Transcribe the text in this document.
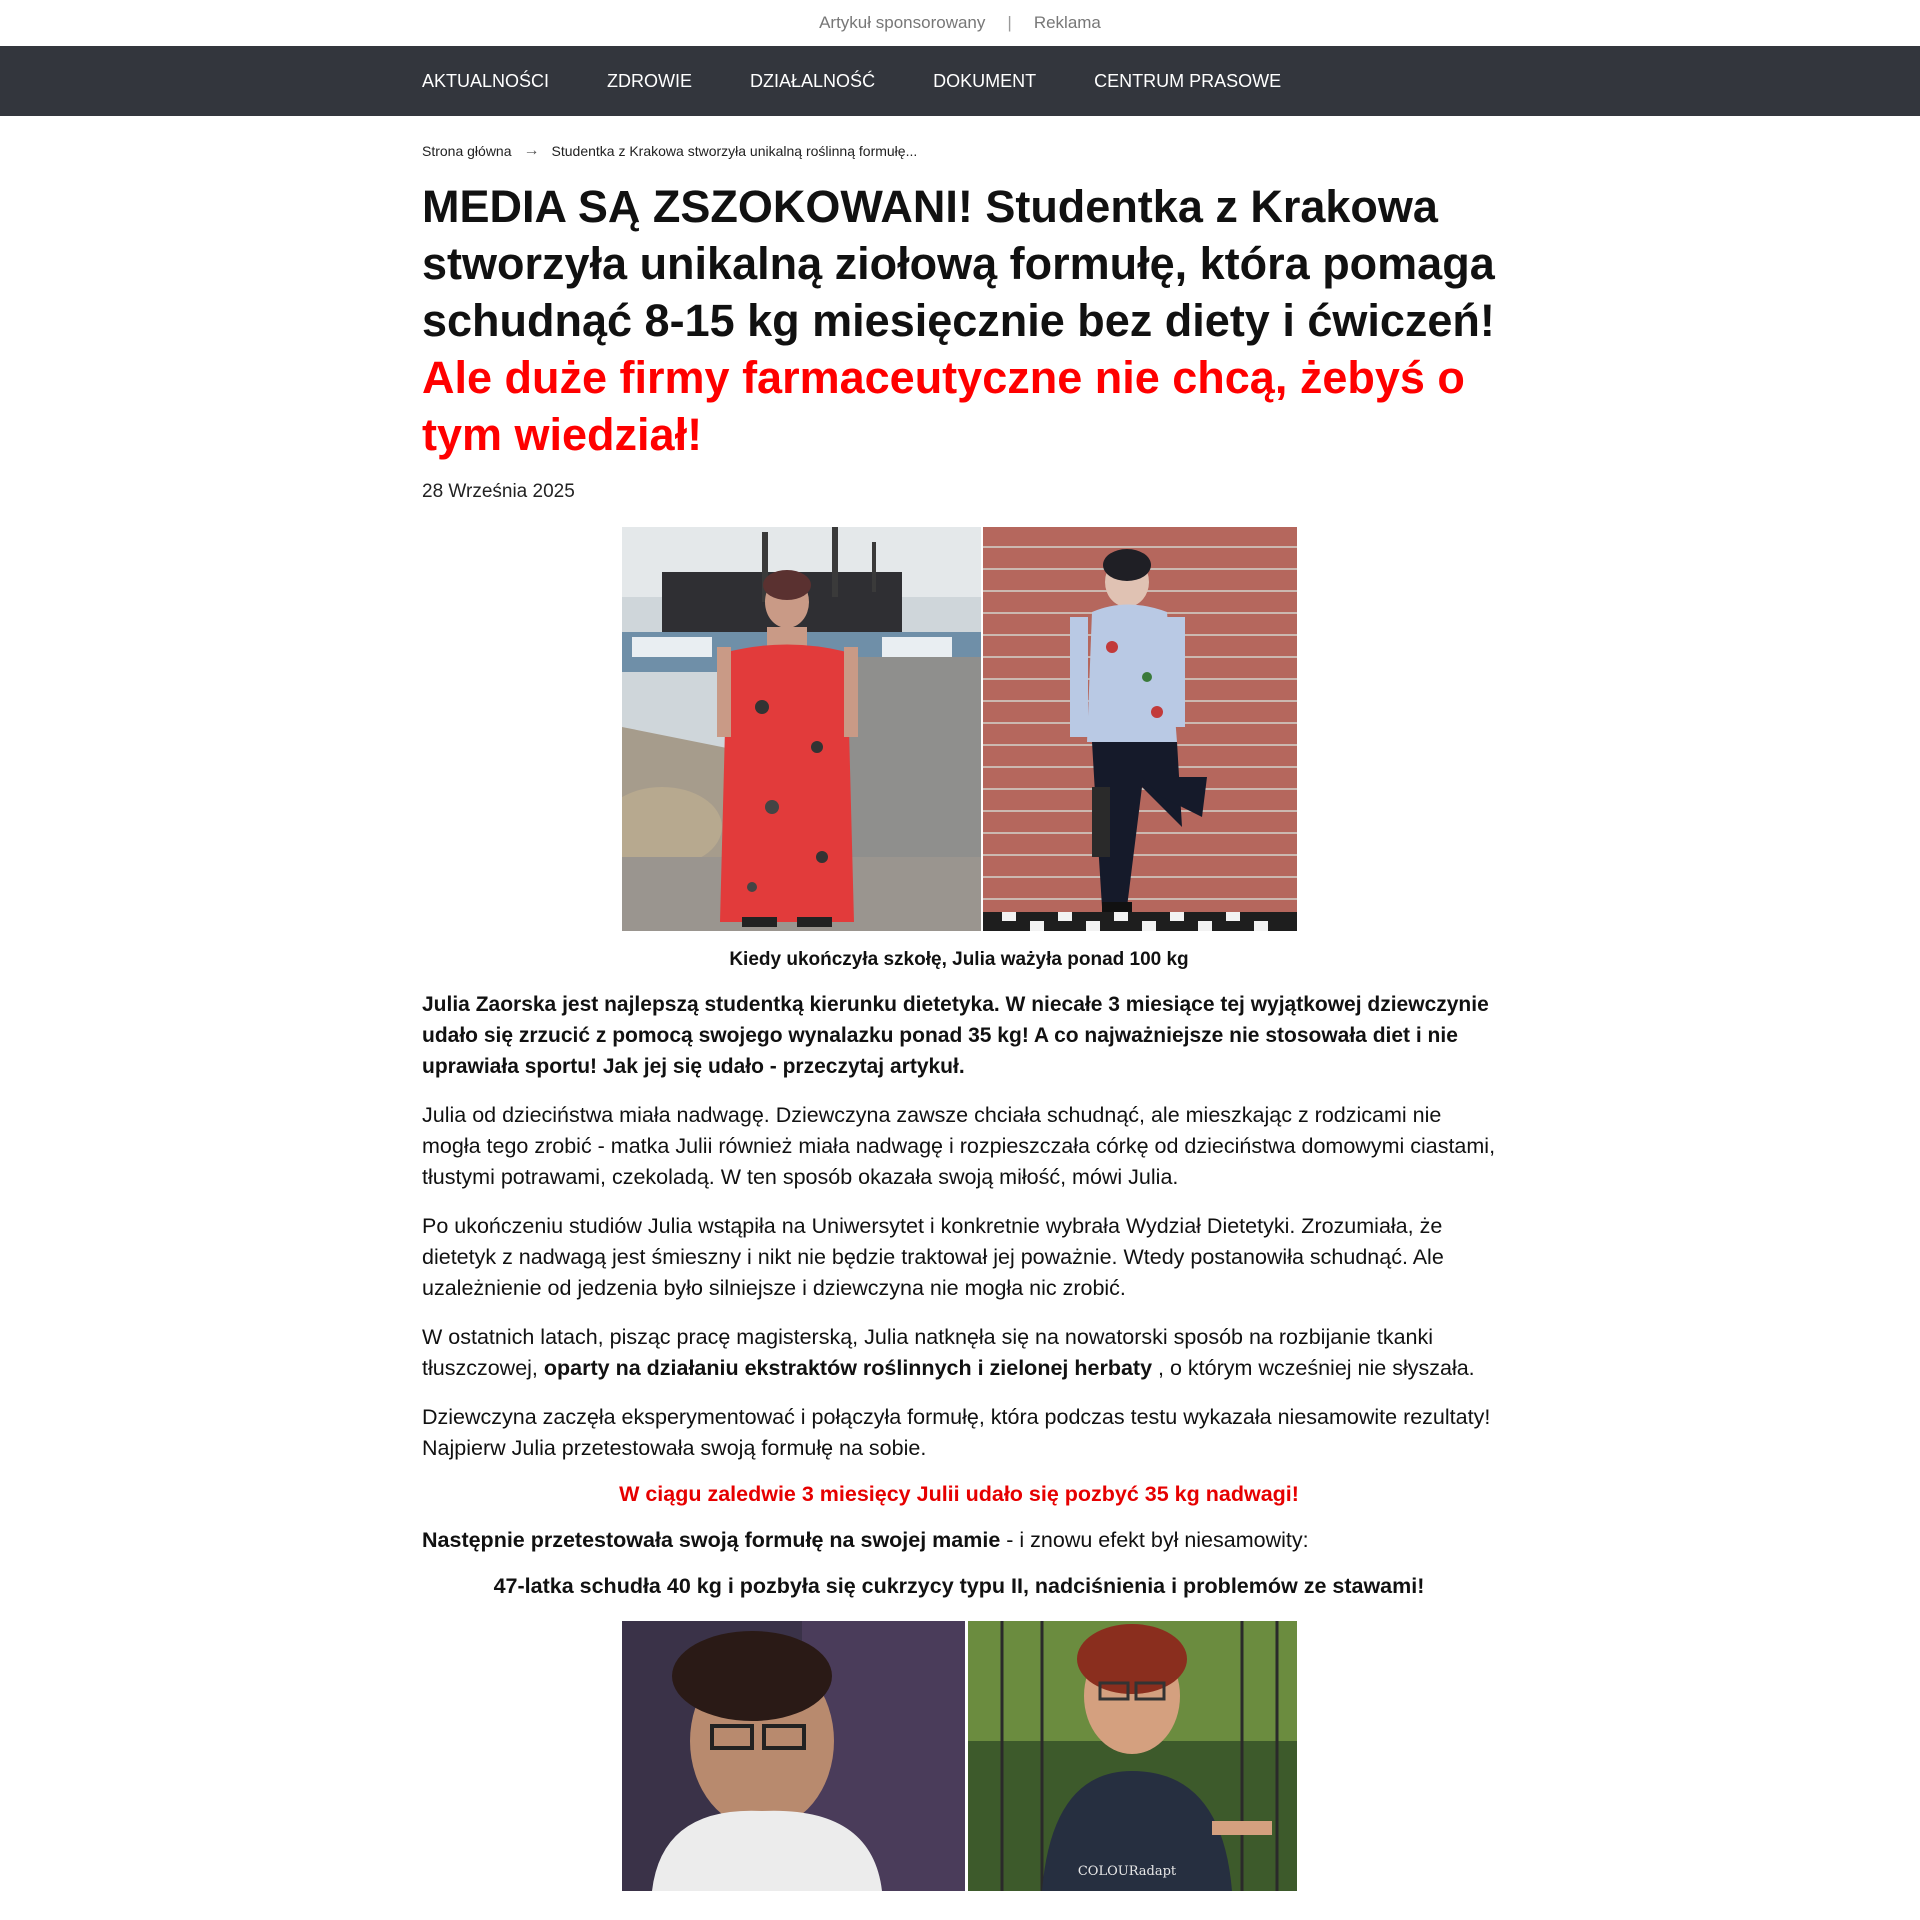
Artykuł sponsorowany | Reklama
AKTUALNOŚCI	ZDROWIE	DZIAŁALNOŚĆ	DOKUMENT	CENTRUM PRASOWE
Strona główna → Studentka z Krakowa stworzyła unikalną roślinną formułę...
MEDIA SĄ ZSZOKOWANI! Studentka z Krakowa stworzyła unikalną ziołową formułę, która pomaga schudnąć 8-15 kg miesięcznie bez diety i ćwiczeń! Ale duże firmy farmaceutyczne nie chcą, żebyś o tym wiedział!
28 Września 2025
Kiedy ukończyła szkołę, Julia ważyła ponad 100 kg

Julia Zaorska jest najlepszą studentką kierunku dietetyka. W niecałe 3 miesiące tej wyjątkowej dziewczynie udało się zrzucić z pomocą swojego wynalazku ponad 35 kg! A co najważniejsze nie stosowała diet i nie uprawiała sportu! Jak jej się udało - przeczytaj artykuł.

Julia od dzieciństwa miała nadwagę. Dziewczyna zawsze chciała schudnąć, ale mieszkając z rodzicami nie mogła tego zrobić - matka Julii również miała nadwagę i rozpieszczała córkę od dzieciństwa domowymi ciastami, tłustymi potrawami, czekoladą. W ten sposób okazała swoją miłość, mówi Julia.

Po ukończeniu studiów Julia wstąpiła na Uniwersytet i konkretnie wybrała Wydział Dietetyki. Zrozumiała, że dietetyk z nadwagą jest śmieszny i nikt nie będzie traktował jej poważnie. Wtedy postanowiła schudnąć. Ale uzależnienie od jedzenia było silniejsze i dziewczyna nie mogła nic zrobić.

W ostatnich latach, pisząc pracę magisterską, Julia natknęła się na nowatorski sposób na rozbijanie tkanki tłuszczowej, oparty na działaniu ekstraktów roślinnych i zielonej herbaty , o którym wcześniej nie słyszała.

Dziewczyna zaczęła eksperymentować i połączyła formułę, która podczas testu wykazała niesamowite rezultaty! Najpierw Julia przetestowała swoją formułę na sobie.

W ciągu zaledwie 3 miesięcy Julii udało się pozbyć 35 kg nadwagi!

Następnie przetestowała swoją formułę na swojej mamie - i znowu efekt był niesamowity:

47-latka schudła 40 kg i pozbyła się cukrzycy typu II, nadciśnienia i problemów ze stawami!
COLOURadapt
